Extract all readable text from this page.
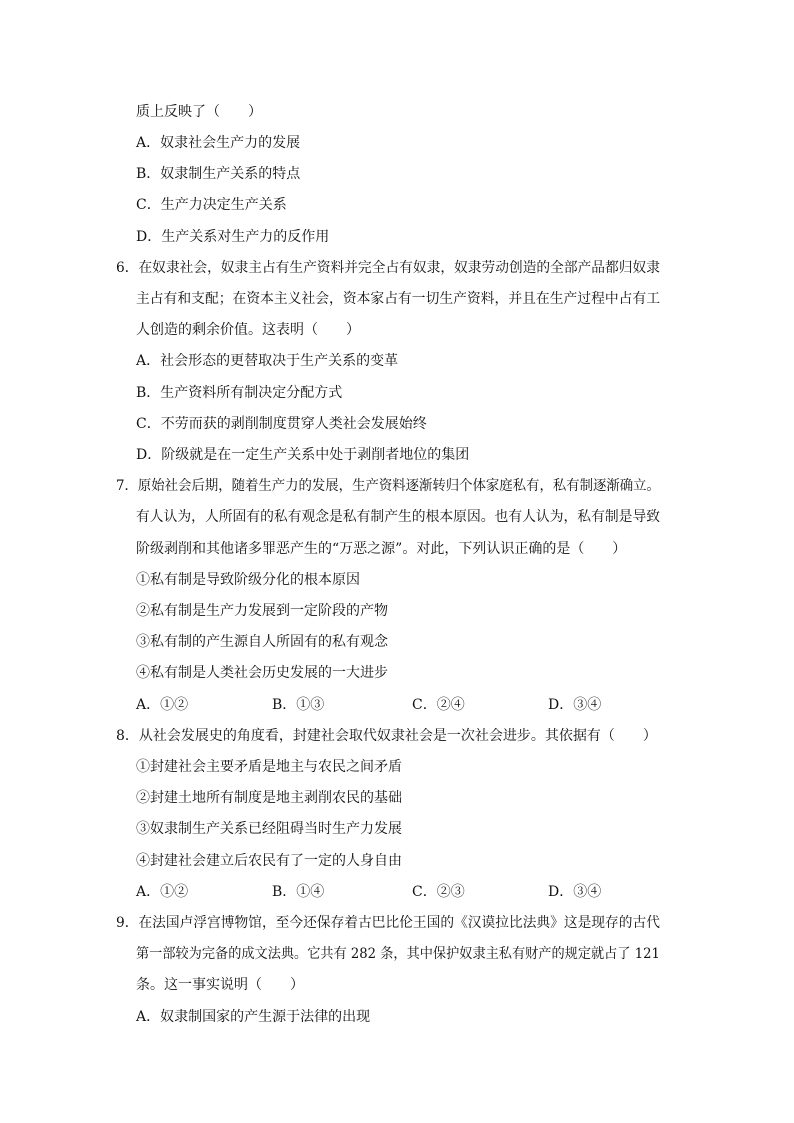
质上反映了（　　）
A．奴隶社会生产力的发展
B．奴隶制生产关系的特点
C．生产力决定生产关系
D．生产关系对生产力的反作用
6．在奴隶社会，奴隶主占有生产资料并完全占有奴隶，奴隶劳动创造的全部产品都归奴隶
主占有和支配；在资本主义社会，资本家占有一切生产资料，并且在生产过程中占有工
人创造的剩余价值。这表明（　　）
A．社会形态的更替取决于生产关系的变革
B．生产资料所有制决定分配方式
C．不劳而获的剥削制度贯穿人类社会发展始终
D．阶级就是在一定生产关系中处于剥削者地位的集团
7．原始社会后期，随着生产力的发展，生产资料逐渐转归个体家庭私有，私有制逐渐确立。
有人认为，人所固有的私有观念是私有制产生的根本原因。也有人认为，私有制是导致
阶级剥削和其他诸多罪恶产生的“万恶之源”。对此，下列认识正确的是（　　）
①私有制是导致阶级分化的根本原因
②私有制是生产力发展到一定阶段的产物
③私有制的产生源自人所固有的私有观念
④私有制是人类社会历史发展的一大进步
A．①②	B．①③	C．②④	D．③④
8．从社会发展史的角度看，封建社会取代奴隶社会是一次社会进步。其依据有（　　）
①封建社会主要矛盾是地主与农民之间矛盾
②封建土地所有制度是地主剥削农民的基础
③奴隶制生产关系已经阻碍当时生产力发展
④封建社会建立后农民有了一定的人身自由
A．①②	B．①④	C．②③	D．③④
9．在法国卢浮宫博物馆，至今还保存着古巴比伦王国的《汉谟拉比法典》这是现存的古代
第一部较为完备的成文法典。它共有 282 条，其中保护奴隶主私有财产的规定就占了 121
条。这一事实说明（　　）
A．奴隶制国家的产生源于法律的出现
